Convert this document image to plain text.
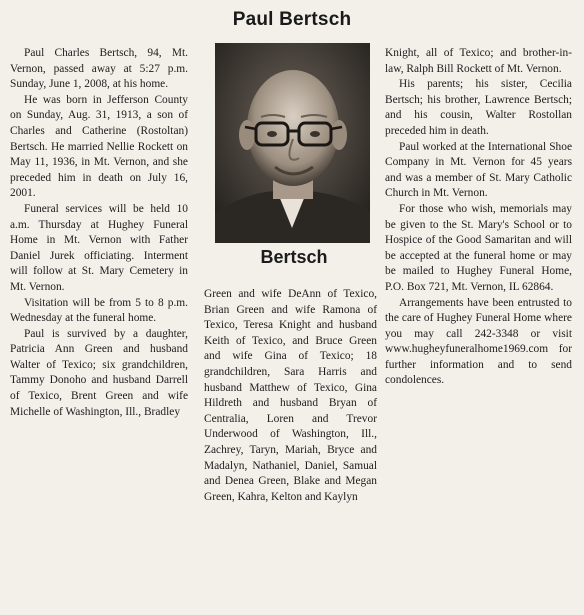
Paul Bertsch

Paul Charles Bertsch, 94, Mt. Vernon, passed away at 5:27 p.m. Sunday, June 1, 2008, at his home.

He was born in Jefferson County on Sunday, Aug. 31, 1913, a son of Charles and Catherine (Rostoltan) Bertsch. He married Nellie Rockett on May 11, 1936, in Mt. Vernon, and she preceded him in death on July 16, 2001.

Funeral services will be held 10 a.m. Thursday at Hughey Funeral Home in Mt. Vernon with Father Daniel Jurek officiating. Interment will follow at St. Mary Cemetery in Mt. Vernon.

Visitation will be from 5 to 8 p.m. Wednesday at the funeral home.

Paul is survived by a daughter, Patricia Ann Green and husband Walter of Texico; six grandchildren, Tammy Donoho and husband Darrell of Texico, Brent Green and wife Michelle of Washington, Ill., Bradley

Bertsch

Green and wife DeAnn of Texico, Brian Green and wife Ramona of Texico, Teresa Knight and husband Keith of Texico, and Bruce Green and wife Gina of Texico; 18 grandchildren, Sara Harris and husband Matthew of Texico, Gina Hildreth and husband Bryan of Centralia, Loren and Trevor Underwood of Washington, Ill., Zachrey, Taryn, Mariah, Bryce and Madalyn, Nathaniel, Daniel, Samual and Denea Green, Blake and Megan Green, Kahra, Kelton and Kaylyn

Knight, all of Texico; and brother-in-law, Ralph Bill Rockett of Mt. Vernon.

His parents; his sister, Cecilia Bertsch; his brother, Lawrence Bertsch; and his cousin, Walter Rostollan preceded him in death.

Paul worked at the International Shoe Company in Mt. Vernon for 45 years and was a member of St. Mary Catholic Church in Mt. Vernon.

For those who wish, memorials may be given to the St. Mary's School or to Hospice of the Good Samaritan and will be accepted at the funeral home or may be mailed to Hughey Funeral Home, P.O. Box 721, Mt. Vernon, IL 62864.

Arrangements have been entrusted to the care of Hughey Funeral Home where you may call 242-3348 or visit www.hugheyfuneralhome1969.com for further information and to send condolences.
